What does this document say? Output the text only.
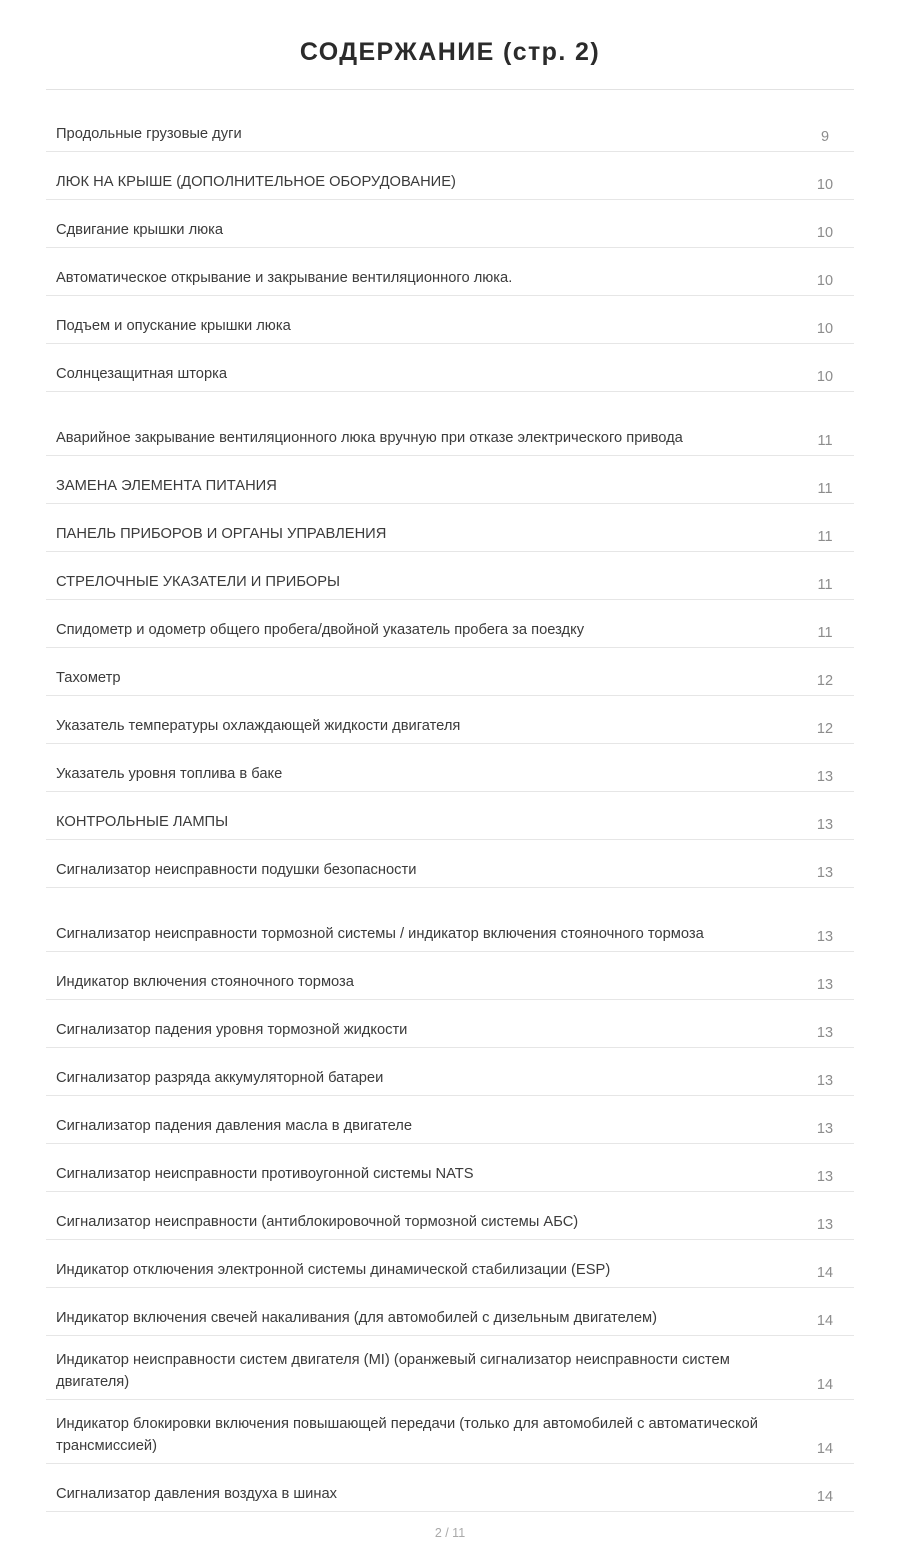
СОДЕРЖАНИЕ (стр. 2)
Продольные грузовые дуги	9
ЛЮК НА КРЫШЕ (ДОПОЛНИТЕЛЬНОЕ ОБОРУДОВАНИЕ)	10
Сдвигание крышки люка	10
Автоматическое открывание и закрывание вентиляционного люка.	10
Подъем и опускание крышки люка	10
Солнцезащитная шторка	10
Аварийное закрывание вентиляционного люка вручную при отказе электрического привода	11
ЗАМЕНА ЭЛЕМЕНТА ПИТАНИЯ	11
ПАНЕЛЬ ПРИБОРОВ И ОРГАНЫ УПРАВЛЕНИЯ	11
СТРЕЛОЧНЫЕ УКАЗАТЕЛИ И ПРИБОРЫ	11
Спидометр и одометр общего пробега/двойной указатель пробега за поездку	11
Тахометр	12
Указатель температуры охлаждающей жидкости двигателя	12
Указатель уровня топлива в баке	13
КОНТРОЛЬНЫЕ ЛАМПЫ	13
Сигнализатор неисправности подушки безопасности	13
Сигнализатор неисправности тормозной системы / индикатор включения стояночного тормоза	13
Индикатор включения стояночного тормоза	13
Сигнализатор падения уровня тормозной жидкости	13
Сигнализатор разряда аккумуляторной батареи	13
Сигнализатор падения давления масла в двигателе	13
Сигнализатор неисправности противоугонной системы NATS	13
Сигнализатор неисправности (антиблокировочной тормозной системы АБС)	13
Индикатор отключения электронной системы динамической стабилизации (ESP)	14
Индикатор включения свечей накаливания (для автомобилей с дизельным двигателем)	14
Индикатор неисправности систем двигателя (MI) (оранжевый сигнализатор неисправности систем двигателя)	14
Индикатор блокировки включения повышающей передачи (только для автомобилей с автоматической трансмиссией)	14
Сигнализатор давления воздуха в шинах	14
2 / 11
